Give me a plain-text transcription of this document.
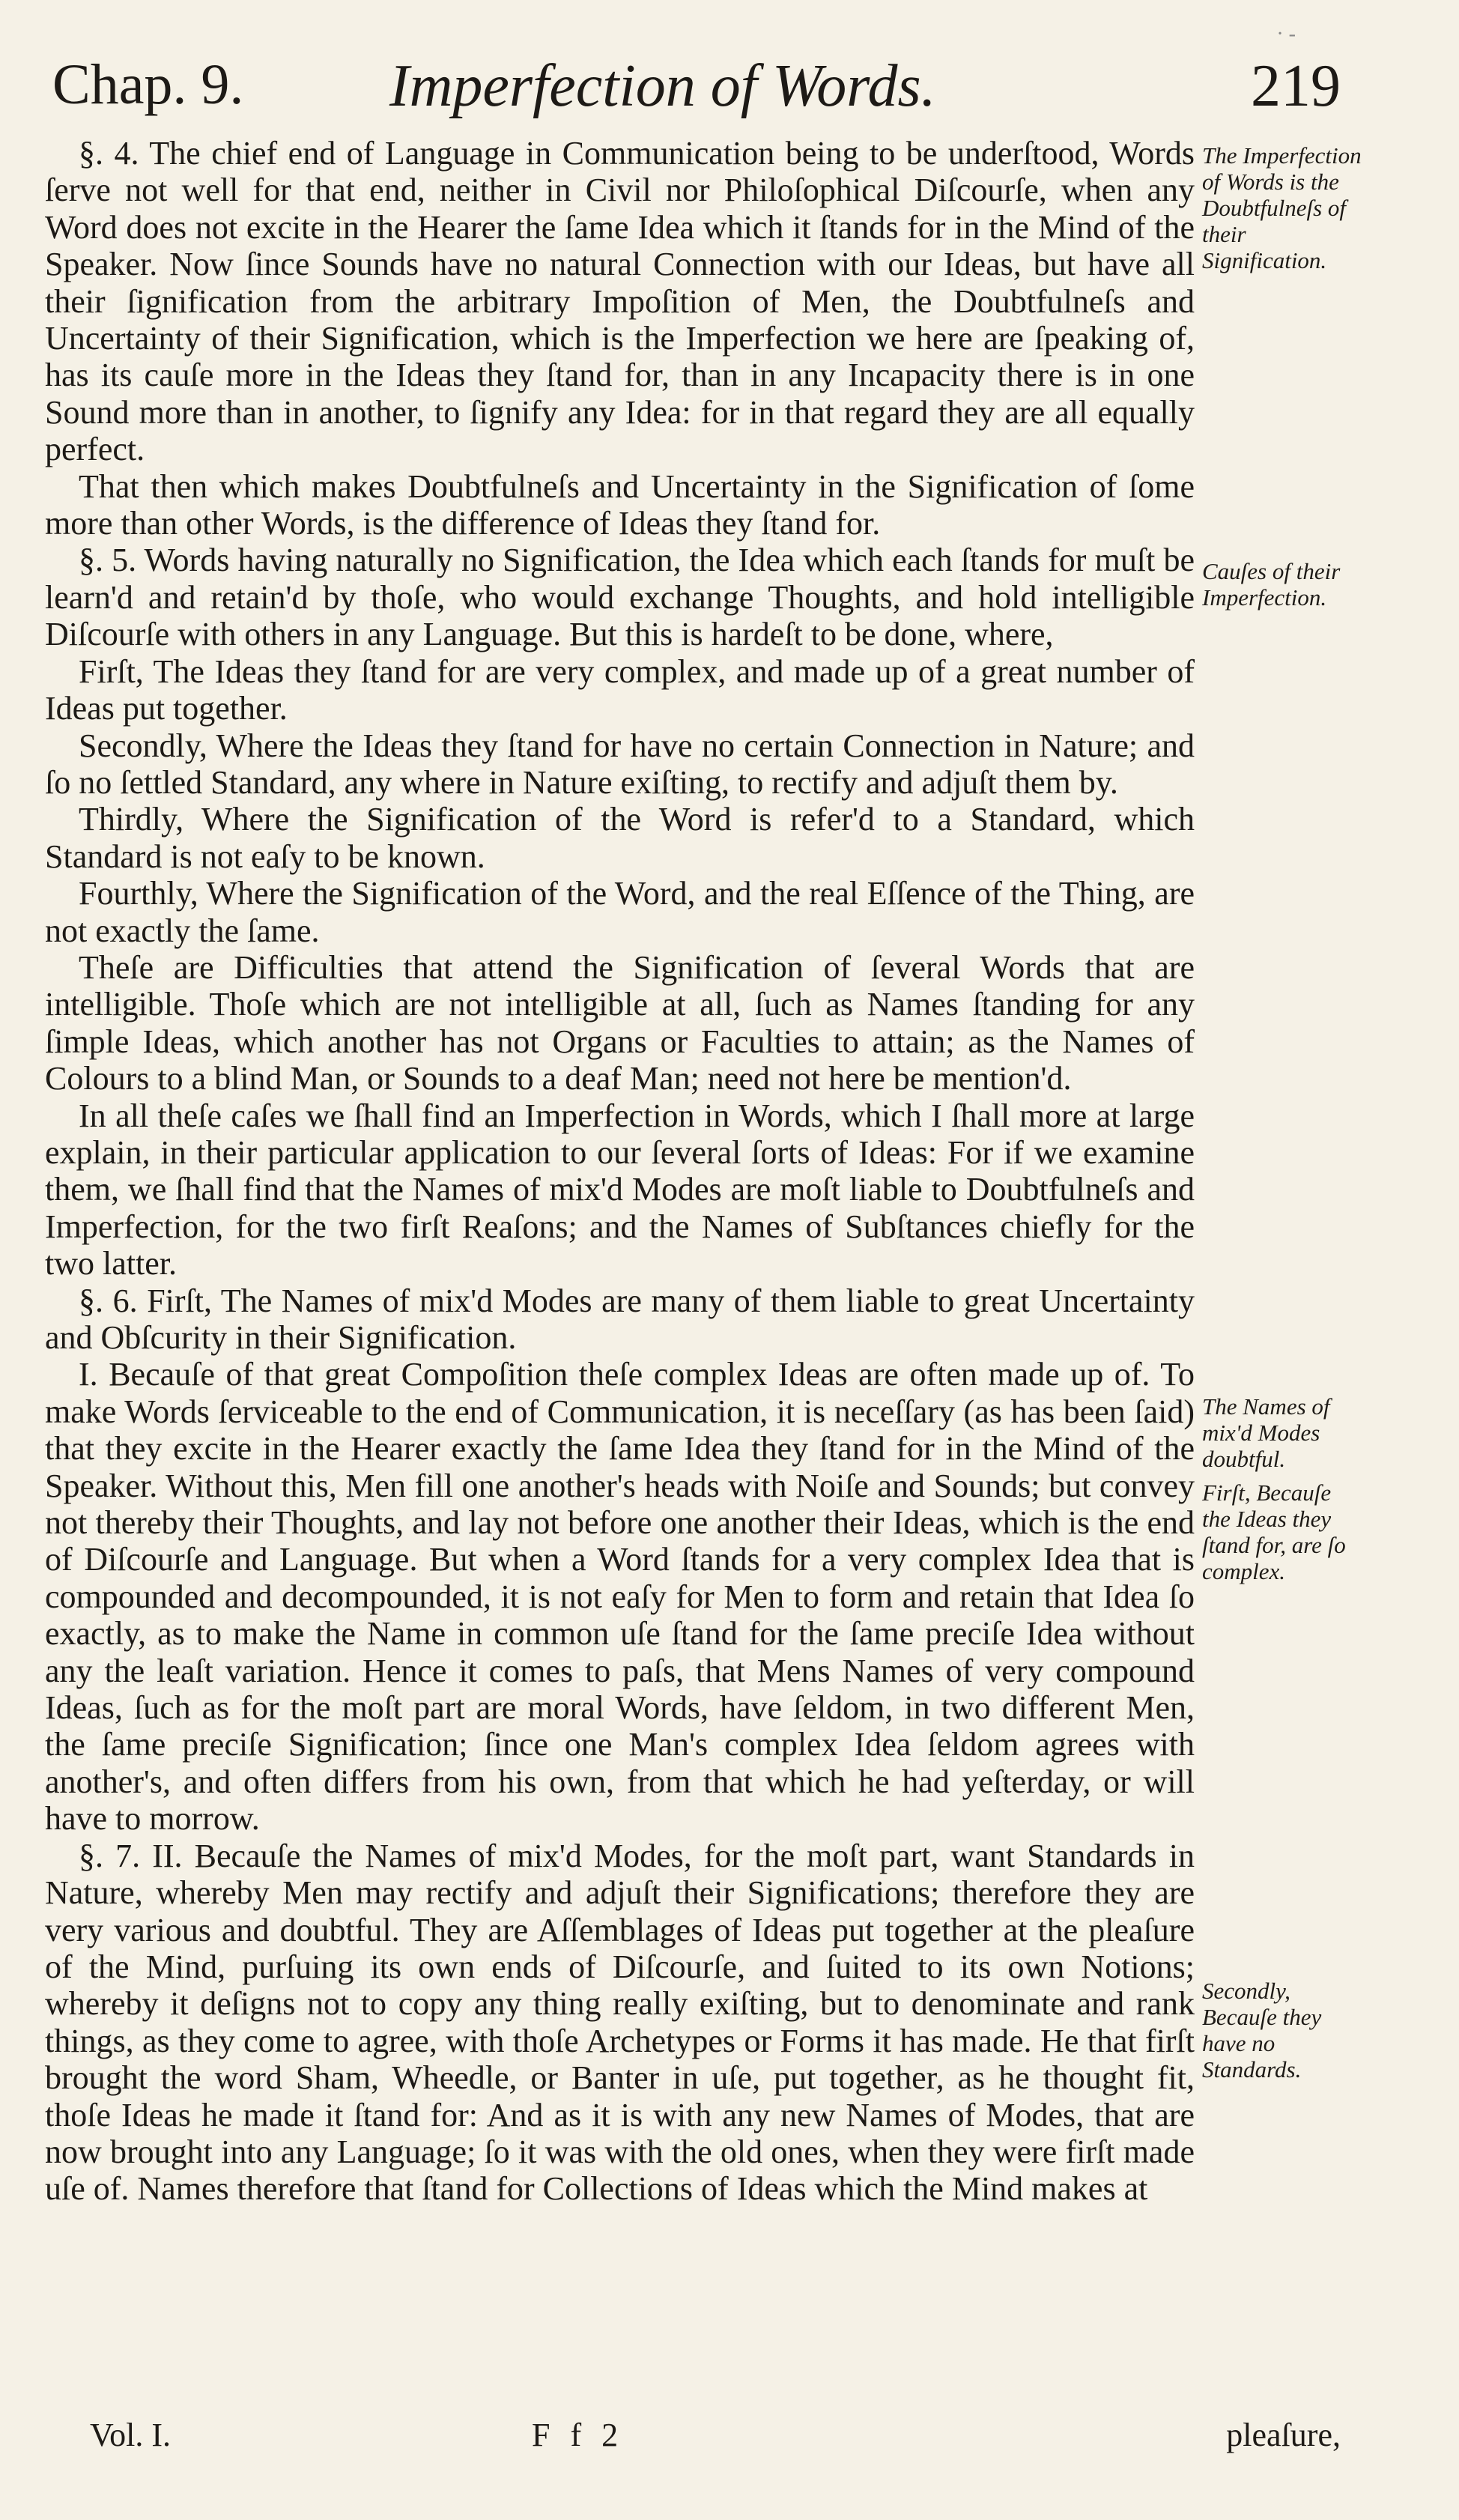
Chap. 9. Imperfection of Words.	219
· -

§. 4. The chief end of Language in Communication being to be underſtood, Words ſerve not well for that end, neither in Civil nor Philoſophical Diſcourſe, when any Word does not excite in the Hearer the ſame Idea which it ſtands for in the Mind of the Speaker. Now ſince Sounds have no natural Connection with our Ideas, but have all their ſignification from the arbitrary Impoſition of Men, the Doubtfulneſs and Uncertainty of their Signification, which is the Imperfection we here are ſpeaking of, has its cauſe more in the Ideas they ſtand for, than in any Incapacity there is in one Sound more than in another, to ſignify any Idea: for in that regard they are all equally perfect.

That then which makes Doubtfulneſs and Uncertainty in the Signification of ſome more than other Words, is the difference of Ideas they ſtand for.

§. 5. Words having naturally no Signification, the Idea which each ſtands for muſt be learn'd and retain'd by thoſe, who would exchange Thoughts, and hold intelligible Diſcourſe with others in any Language. But this is hardeſt to be done, where,

Firſt, The Ideas they ſtand for are very complex, and made up of a great number of Ideas put together.

Secondly, Where the Ideas they ſtand for have no certain Connection in Nature; and ſo no ſettled Standard, any where in Nature exiſting, to rectify and adjuſt them by.

Thirdly, Where the Signification of the Word is refer'd to a Standard, which Standard is not eaſy to be known.

Fourthly, Where the Signification of the Word, and the real Eſſence of the Thing, are not exactly the ſame.

Theſe are Difficulties that attend the Signification of ſeveral Words that are intelligible. Thoſe which are not intelligible at all, ſuch as Names ſtanding for any ſimple Ideas, which another has not Organs or Faculties to attain; as the Names of Colours to a blind Man, or Sounds to a deaf Man; need not here be mention'd.

In all theſe caſes we ſhall find an Imperfection in Words, which I ſhall more at large explain, in their particular application to our ſeveral ſorts of Ideas: For if we examine them, we ſhall find that the Names of mix'd Modes are moſt liable to Doubtfulneſs and Imperfection, for the two firſt Reaſons; and the Names of Subſtances chiefly for the two latter.

§. 6. Firſt, The Names of mix'd Modes are many of them liable to great Uncertainty and Obſcurity in their Signification.

I. Becauſe of that great Compoſition theſe complex Ideas are often made up of. To make Words ſerviceable to the end of Communication, it is neceſſary (as has been ſaid) that they excite in the Hearer exactly the ſame Idea they ſtand for in the Mind of the Speaker. Without this, Men fill one another's heads with Noiſe and Sounds; but convey not thereby their Thoughts, and lay not before one another their Ideas, which is the end of Diſcourſe and Language. But when a Word ſtands for a very complex Idea that is compounded and decompounded, it is not eaſy for Men to form and retain that Idea ſo exactly, as to make the Name in common uſe ſtand for the ſame preciſe Idea without any the leaſt variation. Hence it comes to paſs, that Mens Names of very compound Ideas, ſuch as for the moſt part are moral Words, have ſeldom, in two different Men, the ſame preciſe Signification; ſince one Man's complex Idea ſeldom agrees with another's, and often differs from his own, from that which he had yeſterday, or will have to morrow.

§. 7. II. Becauſe the Names of mix'd Modes, for the moſt part, want Standards in Nature, whereby Men may rectify and adjuſt their Significations; therefore they are very various and doubtful. They are Aſſemblages of Ideas put together at the pleaſure of the Mind, purſuing its own ends of Diſcourſe, and ſuited to its own Notions; whereby it deſigns not to copy any thing really exiſting, but to denominate and rank things, as they come to agree, with thoſe Archetypes or Forms it has made. He that firſt brought the word Sham, Wheedle, or Banter in uſe, put together, as he thought fit, thoſe Ideas he made it ſtand for: And as it is with any new Names of Modes, that are now brought into any Language; ſo it was with the old ones, when they were firſt made uſe of. Names therefore that ſtand for Collections of Ideas which the Mind makes at

The Imperfection of Words is the Doubtfulneſs of their Signification.
Cauſes of their Imperfection.
The Names of mix'd Modes doubtful.
Firſt, Becauſe the Ideas they ſtand for, are ſo complex.
Secondly, Becauſe they have no Standards.
Vol. I.	F f 2	pleaſure,
